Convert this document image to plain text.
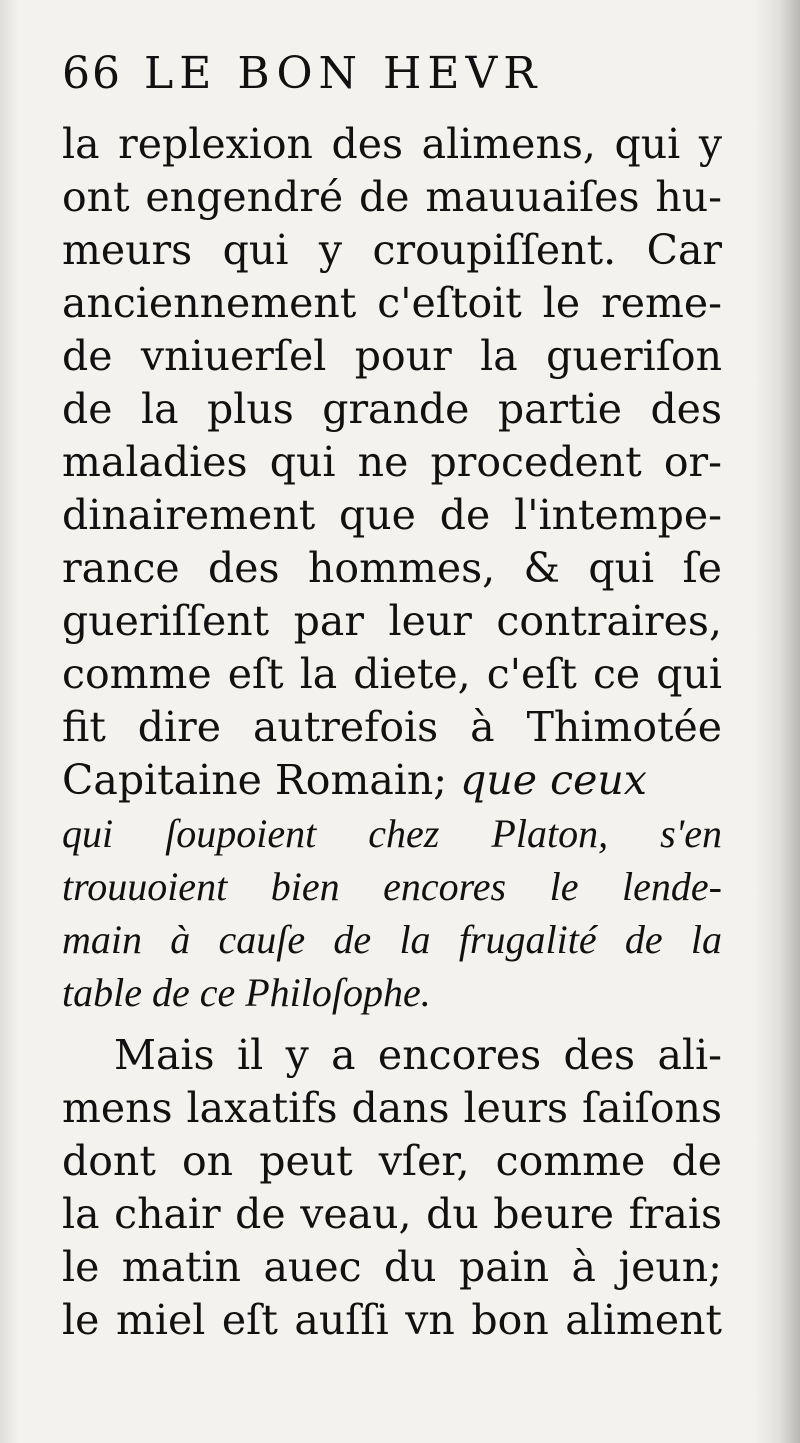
66 LE BON HEVR
la replexion des alimens, qui y
ont engendré de mauuaiſes hu-
meurs qui y croupiſſent. Car
anciennement c'eſtoit le reme-
de vniuerſel pour la gueriſon
de la plus grande partie des
maladies qui ne procedent or-
dinairement que de l'intempe-
rance des hommes, & qui ſe
gueriſſent par leur contraires,
comme eſt la diete, c'eſt ce qui
fit dire autrefois à Thimotée
Capitaine Romain; que ceux
qui ſoupoient chez Platon, s'en
trouuoient bien encores le lende-
main à cauſe de la frugalité de la
table de ce Philoſophe.
Mais il y a encores des ali-
mens laxatifs dans leurs ſaiſons
dont on peut vſer, comme de
la chair de veau, du beure frais
le matin auec du pain à jeun;
le miel eſt auſſi vn bon aliment
